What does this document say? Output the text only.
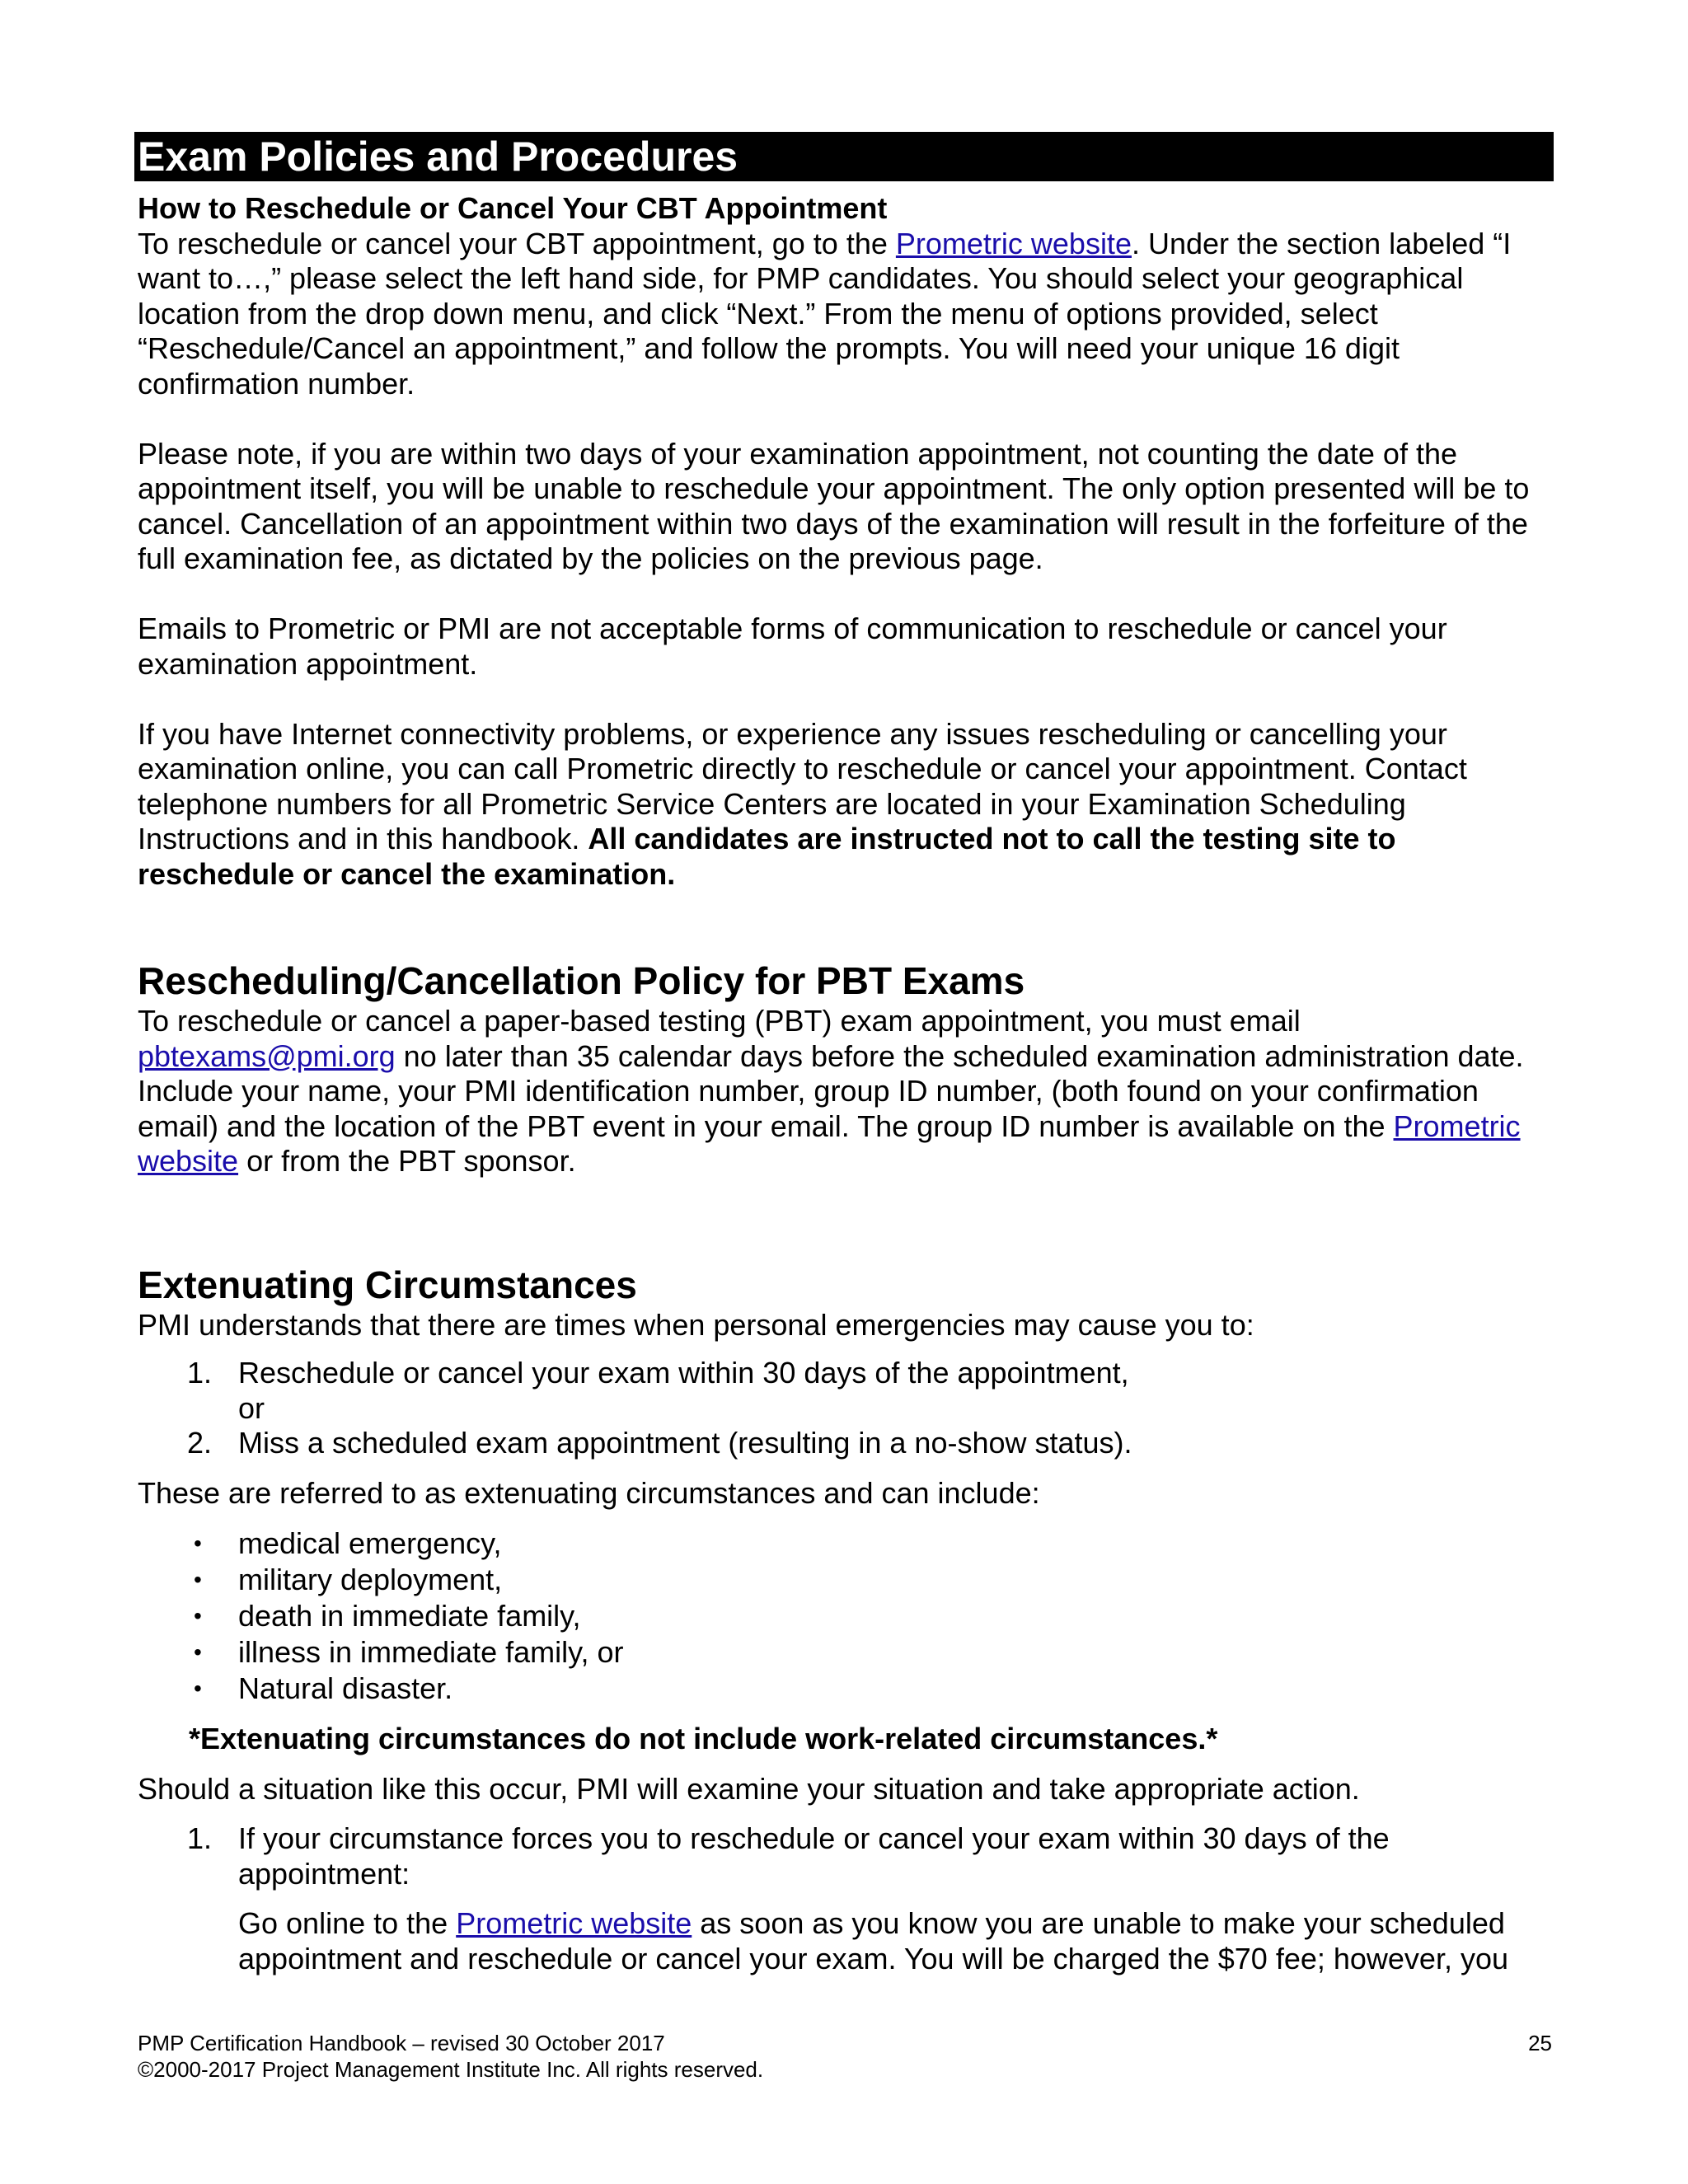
Exam Policies and Procedures
How to Reschedule or Cancel Your CBT Appointment

To reschedule or cancel your CBT appointment, go to the Prometric website. Under the section labeled “I want to…,” please select the left hand side, for PMP candidates. You should select your geographical location from the drop down menu, and click “Next.” From the menu of options provided, select “Reschedule/Cancel an appointment,” and follow the prompts. You will need your unique 16 digit confirmation number.

Please note, if you are within two days of your examination appointment, not counting the date of the appointment itself, you will be unable to reschedule your appointment. The only option presented will be to cancel. Cancellation of an appointment within two days of the examination will result in the forfeiture of the full examination fee, as dictated by the policies on the previous page.

Emails to Prometric or PMI are not acceptable forms of communication to reschedule or cancel your examination appointment.

If you have Internet connectivity problems, or experience any issues rescheduling or cancelling your examination online, you can call Prometric directly to reschedule or cancel your appointment. Contact telephone numbers for all Prometric Service Centers are located in your Examination Scheduling Instructions and in this handbook. All candidates are instructed not to call the testing site to reschedule or cancel the examination.

Rescheduling/Cancellation Policy for PBT Exams

To reschedule or cancel a paper-based testing (PBT) exam appointment, you must email pbtexams@pmi.org no later than 35 calendar days before the scheduled examination administration date. Include your name, your PMI identification number, group ID number, (both found on your confirmation email) and the location of the PBT event in your email. The group ID number is available on the Prometric website or from the PBT sponsor.

Extenuating Circumstances

PMI understands that there are times when personal emergencies may cause you to:

1. Reschedule or cancel your exam within 30 days of the appointment,
or
2. Miss a scheduled exam appointment (resulting in a no-show status).

These are referred to as extenuating circumstances and can include:

• medical emergency,
• military deployment,
• death in immediate family,
• illness in immediate family, or
• Natural disaster.

*Extenuating circumstances do not include work-related circumstances.*

Should a situation like this occur, PMI will examine your situation and take appropriate action.

1. If your circumstance forces you to reschedule or cancel your exam within 30 days of the appointment:
Go online to the Prometric website as soon as you know you are unable to make your scheduled appointment and reschedule or cancel your exam. You will be charged the $70 fee; however, you
PMP Certification Handbook – revised 30 October 2017
©2000-2017 Project Management Institute Inc. All rights reserved.
25
